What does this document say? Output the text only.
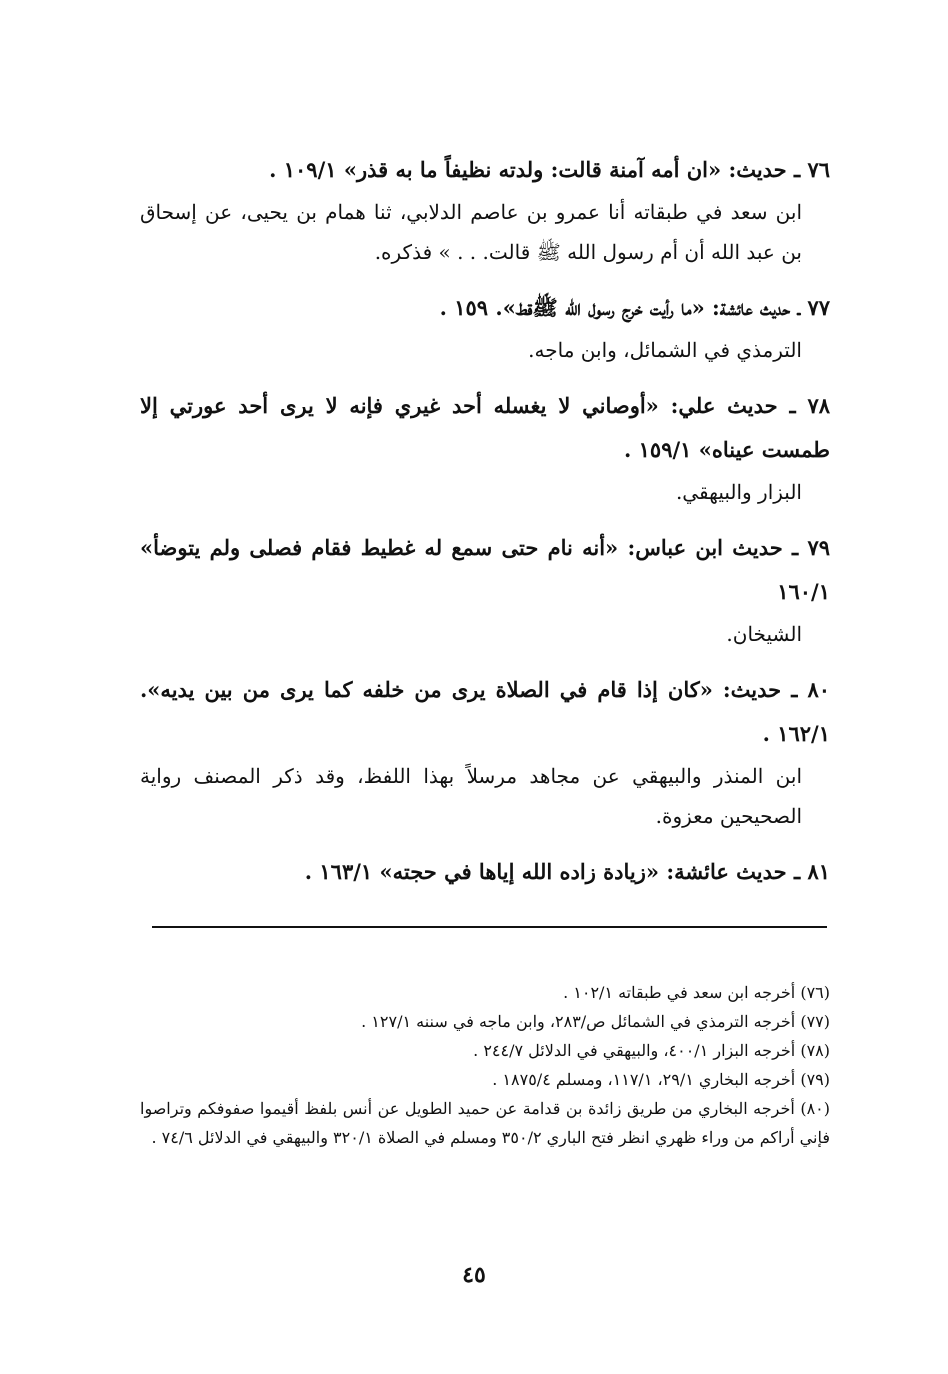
٧٦ ـ حديث: «ان أمه آمنة قالت: ولدته نظيفاً ما به قذر» ١٠٩/١ .
ابن سعد في طبقاته أنا عمرو بن عاصم الدلابي، ثنا همام بن يحيى، عن إسحاق بن عبد الله أن أم رسول الله ﷺ قالت. . . » فذكره.
٧٧ ـ حديث عائشة: «ما رأيت خرج رسول الله ﷺقط». ١٥٩ .
الترمذي في الشمائل، وابن ماجه.
٧٨ ـ حديث علي: «أوصاني لا يغسله أحد غيري فإنه لا يرى أحد عورتي إلا طمست عيناه» ١٥٩/١ .
البزار والبيهقي.
٧٩ ـ حديث ابن عباس: «أنه نام حتى سمع له غطيط فقام فصلى ولم يتوضأ» ١٦٠/١
الشيخان.
٨٠ ـ حديث: «كان إذا قام في الصلاة يرى من خلفه كما يرى من بين يديه». ١٦٢/١ .
ابن المنذر والبيهقي عن مجاهد مرسلاً بهذا اللفظ، وقد ذكر المصنف رواية الصحيحين معزوة.
٨١ ـ حديث عائشة: «زيادة زاده الله إياها في حجته» ١٦٣/١ .
(٧٦) أخرجه ابن سعد في طبقاته ١٠٢/١ .
(٧٧) أخرجه الترمذي في الشمائل ص/٢٨٣، وابن ماجه في سننه ١٢٧/١ .
(٧٨) أخرجه البزار ٤٠٠/١، والبيهقي في الدلائل ٢٤٤/٧ .
(٧٩) أخرجه البخاري ٢٩/١، ١١٧/١، ومسلم ١٨٧٥/٤ .
(٨٠) أخرجه البخاري من طريق زائدة بن قدامة عن حميد الطويل عن أنس بلفظ أقيموا صفوفكم وتراصوا فإني أراكم من وراء ظهري انظر فتح الباري ٣٥٠/٢ ومسلم في الصلاة ٣٢٠/١ والبيهقي في الدلائل ٧٤/٦ .
٤٥
